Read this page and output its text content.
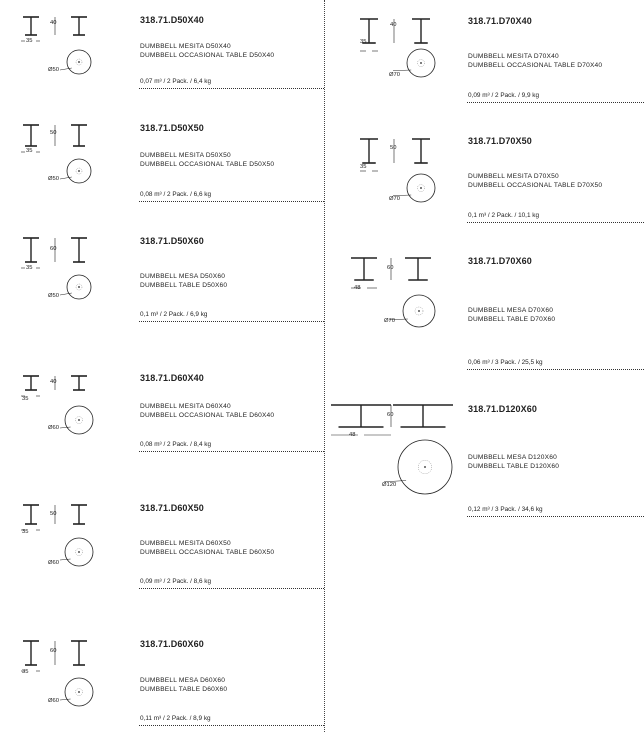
318.71.D50X40
DUMBBELL MESITA D50X40
DUMBBELL OCCASIONAL TABLE D50X40
0,07 m³ / 2 Pack. / 6,4 kg
318.71.D50X50
DUMBBELL MESITA D50X50
DUMBBELL OCCASIONAL TABLE D50X50
0,08 m³ / 2 Pack. / 6,6 kg
318.71.D50X60
DUMBBELL MESA D50X60
DUMBBELL TABLE D50X60
0,1 m³ / 2 Pack. / 6,9 kg
318.71.D60X40
DUMBBELL MESITA D60X40
DUMBBELL OCCASIONAL TABLE D60X40
0,08 m³ / 2 Pack. / 8,4 kg
318.71.D60X50
DUMBBELL MESITA D60X50
DUMBBELL OCCASIONAL TABLE D60X50
0,09 m³ / 2 Pack. / 8,6 kg
318.71.D60X60
DUMBBELL MESA D60X60
DUMBBELL TABLE D60X60
0,11 m³ / 2 Pack. / 8,9 kg
318.71.D70X40
DUMBBELL MESITA D70X40
DUMBBELL OCCASIONAL TABLE D70X40
0,09 m³ / 2 Pack. / 9,9 kg
318.71.D70X50
DUMBBELL MESITA D70X50
DUMBBELL OCCASIONAL TABLE D70X50
0,1 m³ / 2 Pack. / 10,1 kg
318.71.D70X60
DUMBBELL MESA D70X60
DUMBBELL TABLE D70X60
0,06 m³ / 3 Pack. / 25,5 kg
318.71.D120X60
DUMBBELL MESA D120X60
DUMBBELL TABLE D120X60
0,12 m³ / 3 Pack. / 34,6 kg
40
35
Ø50
50
35
Ø50
60
35
Ø50
40
35
Ø60
50
35
Ø60
60
35
Ø60
40
35
Ø70
50
35
Ø70
60
48
Ø70
60
48
Ø120
